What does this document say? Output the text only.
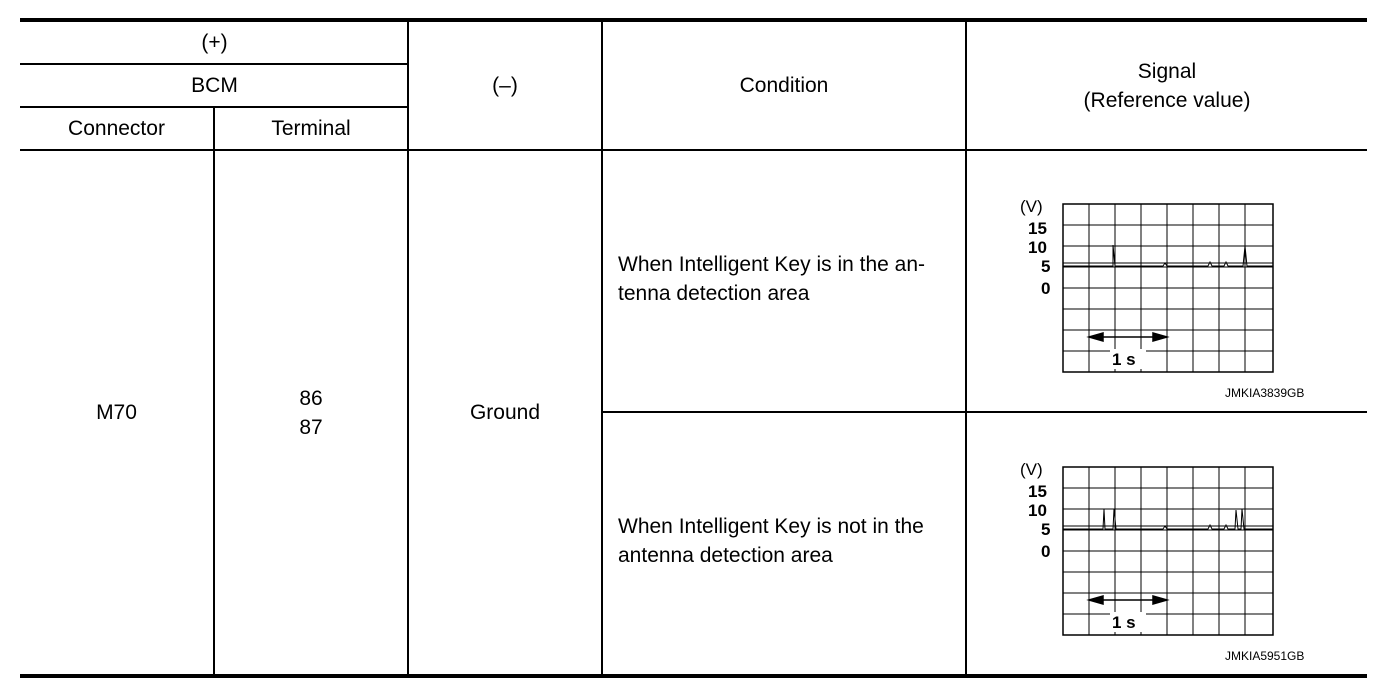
(+)
BCM
Connector	Terminal
(–)	Condition
Signal
(Reference value)
M70
86
87
Ground
When Intelligent Key is in the an-
tenna detection area
When Intelligent Key is not in the
antenna detection area
(V)
15
10
5
0
1 s
JMKIA3839GB
(V)
15
10
5
0
1 s
JMKIA5951GB
